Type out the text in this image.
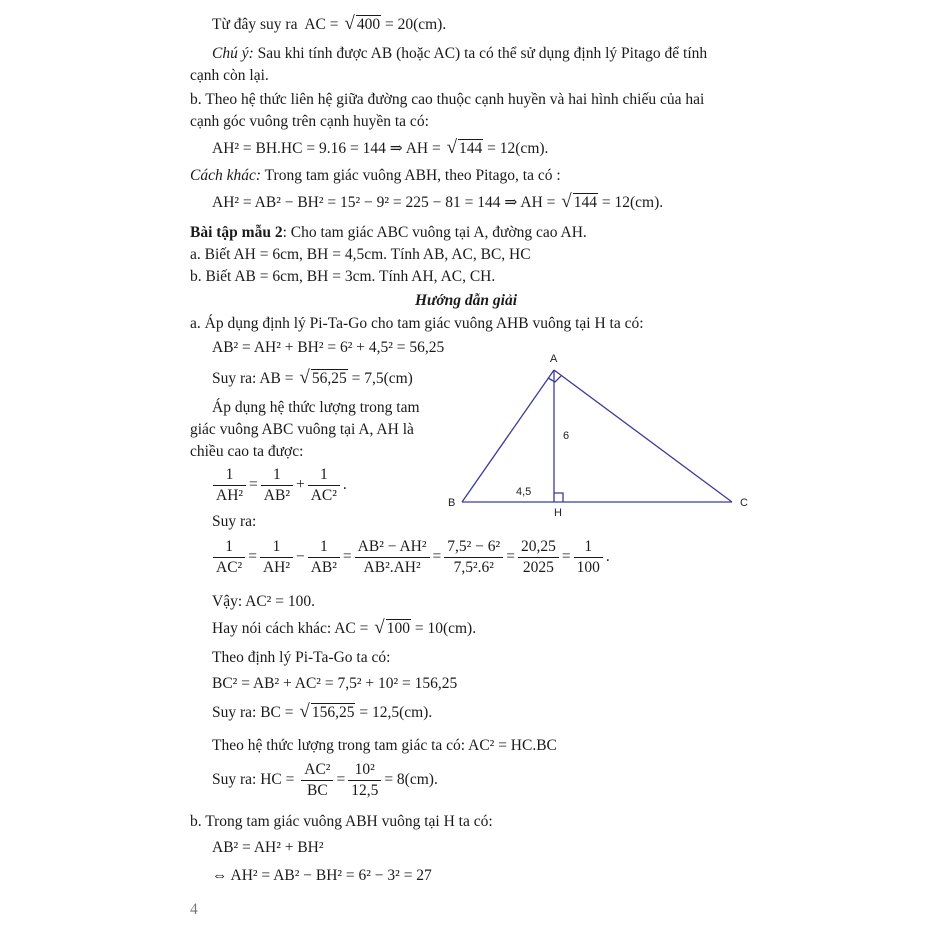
Từ đây suy ra AC = √ 400 = 20(cm).
Chú ý: Sau khi tính được AB (hoặc AC) ta có thể sử dụng định lý Pitago để tính
cạnh còn lại.
b. Theo hệ thức liên hệ giữa đường cao thuộc cạnh huyền và hai hình chiếu của hai
cạnh góc vuông trên cạnh huyền ta có:
AH² = BH.HC = 9.16 = 144 ⇒ AH = √ 144 = 12(cm).
Cách khác: Trong tam giác vuông ABH, theo Pitago, ta có :
AH² = AB² − BH² = 15² − 9² = 225 − 81 = 144 ⇒ AH = √ 144 = 12(cm).
Bài tập mẫu 2: Cho tam giác ABC vuông tại A, đường cao AH.
a. Biết AH = 6cm, BH = 4,5cm. Tính AB, AC, BC, HC
b. Biết AB = 6cm, BH = 3cm. Tính AH, AC, CH.
Hướng dẫn giải
a. Áp dụng định lý Pi-Ta-Go cho tam giác vuông AHB vuông tại H ta có:
AB² = AH² + BH² = 6² + 4,5² = 56,25
Suy ra: AB = √ 56,25 = 7,5(cm)
Áp dụng hệ thức lượng trong tam
giác vuông ABC vuông tại A, AH là
chiều cao ta được:
$\frac{1}{\text{AH²}} = \frac{1}{\text{AB²}} + \frac{1}{\text{AC²}}$ .
Suy ra:
$\frac{1}{\text{AC²}} = \frac{1}{\text{AH²}} - \frac{1}{\text{AB²}} = \frac{\text{AB² − AH²}}{\text{AB².AH²}} = \frac{\text{7,5² − 6²}}{\text{7,5².6²}} = \frac{20,25}{2025} = \frac{1}{100}$ .
Vậy: AC² = 100.
Hay nói cách khác: AC = √ 100 = 10(cm).
Theo định lý Pi-Ta-Go ta có:
BC² = AB² + AC² = 7,5² + 10² = 156,25
Suy ra: BC = √ 156,25 = 12,5(cm).
Theo hệ thức lượng trong tam giác ta có: AC² = HC.BC
Suy ra: HC = $\frac{\text{AC²}}{BC} = \frac{\text{10²}}{12,5} = 8(cm)$.
b. Trong tam giác vuông ABH vuông tại H ta có:
AB² = AH² + BH²
⇔ AH² = AB² − BH² = 6² − 3² = 27
4
A
B	C
H
6
4,5
